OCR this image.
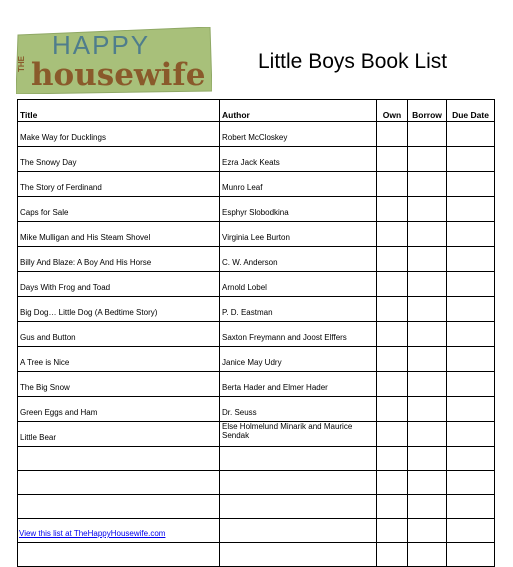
THE
HAPPY
housewife	Little Boys Book List
Title	Author	Own	Borrow	Due Date
Make Way for Ducklings	Robert McCloskey			
The Snowy Day	Ezra Jack Keats			
The Story of Ferdinand	Munro Leaf			
Caps for Sale	Esphyr Slobodkina			
Mike Mulligan and His Steam Shovel	Virginia Lee Burton			
Billy And Blaze: A Boy And His Horse	C. W. Anderson			
Days With Frog and Toad	Arnold Lobel			
Big Dog… Little Dog (A Bedtime Story)	P. D. Eastman			
Gus and Button	Saxton Freymann and Joost Elffers			
A Tree is Nice	Janice May Udry			
The Big Snow	Berta Hader and Elmer Hader			
Green Eggs and Ham	Dr. Seuss			
Little Bear	Else Holmelund Minarik and Maurice Sendak			

View this list at TheHappyHousewife.com
